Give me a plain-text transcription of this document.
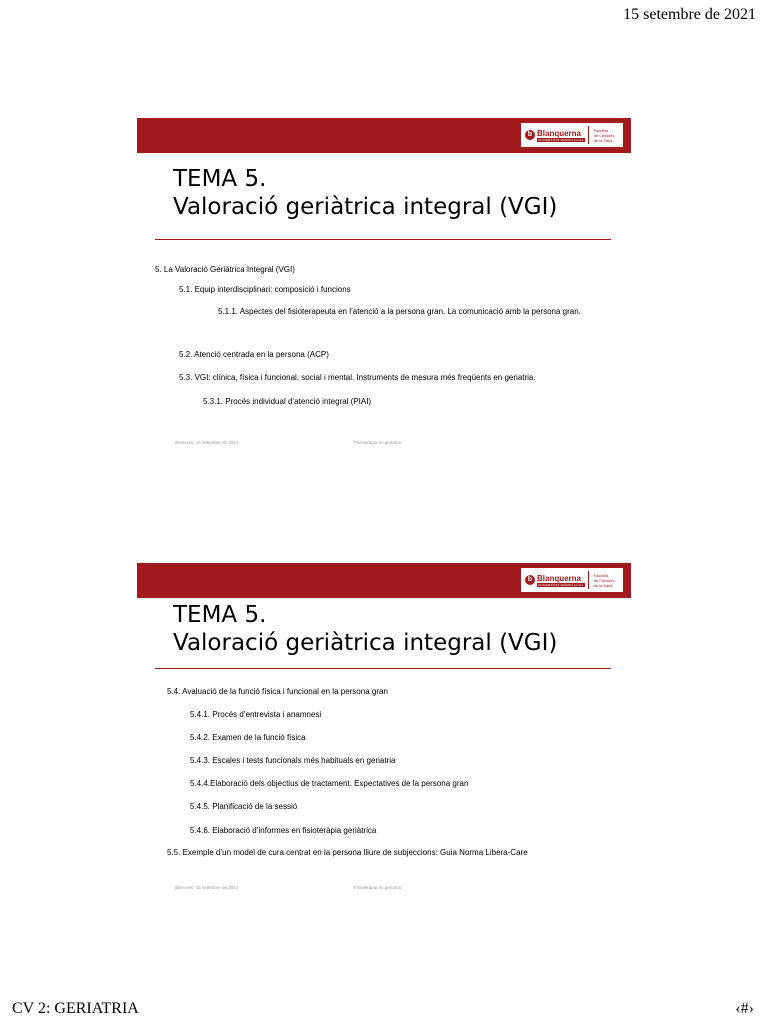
15 setembre de 2021
b Blanquerna
UNIVERSITAT RAMON LLULL
Facultat
de Ciències
de la Salut
TEMA 5.
Valoració geriàtrica integral (VGI)
5. La Valoració Geriàtrica Integral (VGI)
5.1. Equip interdisciplinari: composició i funcions
5.1.1. Aspectes del fisioterapeuta en l’atenció a la persona gran. La comunicació amb la persona gran.
5.2. Atenció centrada en la persona (ACP)
5.3. VGI: clínica, física i funcional, social i mental. Instruments de mesura més freqüents en geriatria.
5.3.1. Procés individual d’atenció integral (PIAI)
dimecres, 15 setembre de 2021	Fisioteràpia en geriatria
b Blanquerna
UNIVERSITAT RAMON LLULL
Facultat
de Ciències
de la Salut
TEMA 5.
Valoració geriàtrica integral (VGI)
5.4. Avaluació de la funció física i funcional en la persona gran
5.4.1. Procés d’entrevista i anamnesi
5.4.2. Examen de la funció física
5.4.3. Escales i tests funcionals més habituals en geriatria
5.4.4.Elaboració dels objectius de tractament. Expectatives de la persona gran
5.4.5. Planificació de la sessió
5.4.6. Elaboració d’informes en fisioteràpia geriàtrica
5.5. Exemple d’un model de cura centrat en la persona lliure de subjeccions: Guia Norma Libera-Care
dimecres, 15 setembre de 2021	Fisioteràpia en geriatria
CV 2: GERIATRIA	‹#›
